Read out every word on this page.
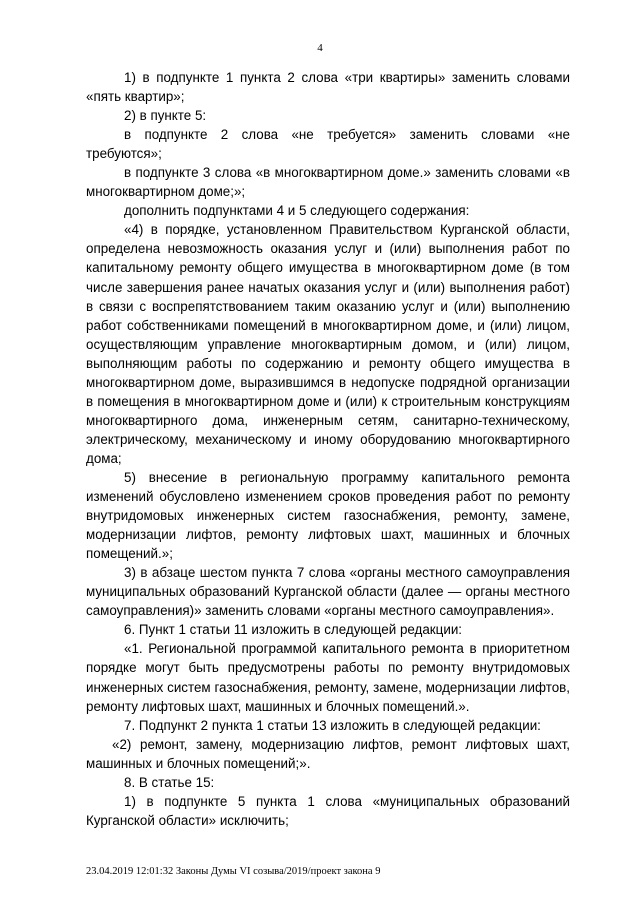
4

1) в подпункте 1 пункта 2 слова «три квартиры» заменить словами «пять квартир»;

2) в пункте 5:

в подпункте 2 слова «не требуется» заменить словами «не требуются»;

в подпункте 3 слова «в многоквартирном доме.» заменить словами «в многоквартирном доме;»;

дополнить подпунктами 4 и 5 следующего содержания:

«4) в порядке, установленном Правительством Курганской области, определена невозможность оказания услуг и (или) выполнения работ по капитальному ремонту общего имущества в многоквартирном доме (в том числе завершения ранее начатых оказания услуг и (или) выполнения работ) в связи с воспрепятствованием таким оказанию услуг и (или) выполнению работ собственниками помещений в многоквартирном доме, и (или) лицом, осуществляющим управление многоквартирным домом, и (или) лицом, выполняющим работы по содержанию и ремонту общего имущества в многоквартирном доме, выразившимся в недопуске подрядной организации в помещения в многоквартирном доме и (или) к строительным конструкциям многоквартирного дома, инженерным сетям, санитарно-техническому, электрическому, механическому и иному оборудованию многоквартирного дома;

5) внесение в региональную программу капитального ремонта изменений обусловлено изменением сроков проведения работ по ремонту внутридомовых инженерных систем газоснабжения, ремонту, замене, модернизации лифтов, ремонту лифтовых шахт, машинных и блочных помещений.»;

3) в абзаце шестом пункта 7 слова «органы местного самоуправления муниципальных образований Курганской области (далее — органы местного самоуправления)» заменить словами «органы местного самоуправления».

6. Пункт 1 статьи 11 изложить в следующей редакции:

«1. Региональной программой капитального ремонта в приоритетном порядке могут быть предусмотрены работы по ремонту внутридомовых инженерных систем газоснабжения, ремонту, замене, модернизации лифтов, ремонту лифтовых шахт, машинных и блочных помещений.».

7. Подпункт 2 пункта 1 статьи 13 изложить в следующей редакции:

«2) ремонт, замену, модернизацию лифтов, ремонт лифтовых шахт, машинных и блочных помещений;».

8. В статье 15:

1) в подпункте 5 пункта 1 слова «муниципальных образований Курганской области» исключить;

23.04.2019 12:01:32 Законы Думы VI созыва/2019/проект закона 9
